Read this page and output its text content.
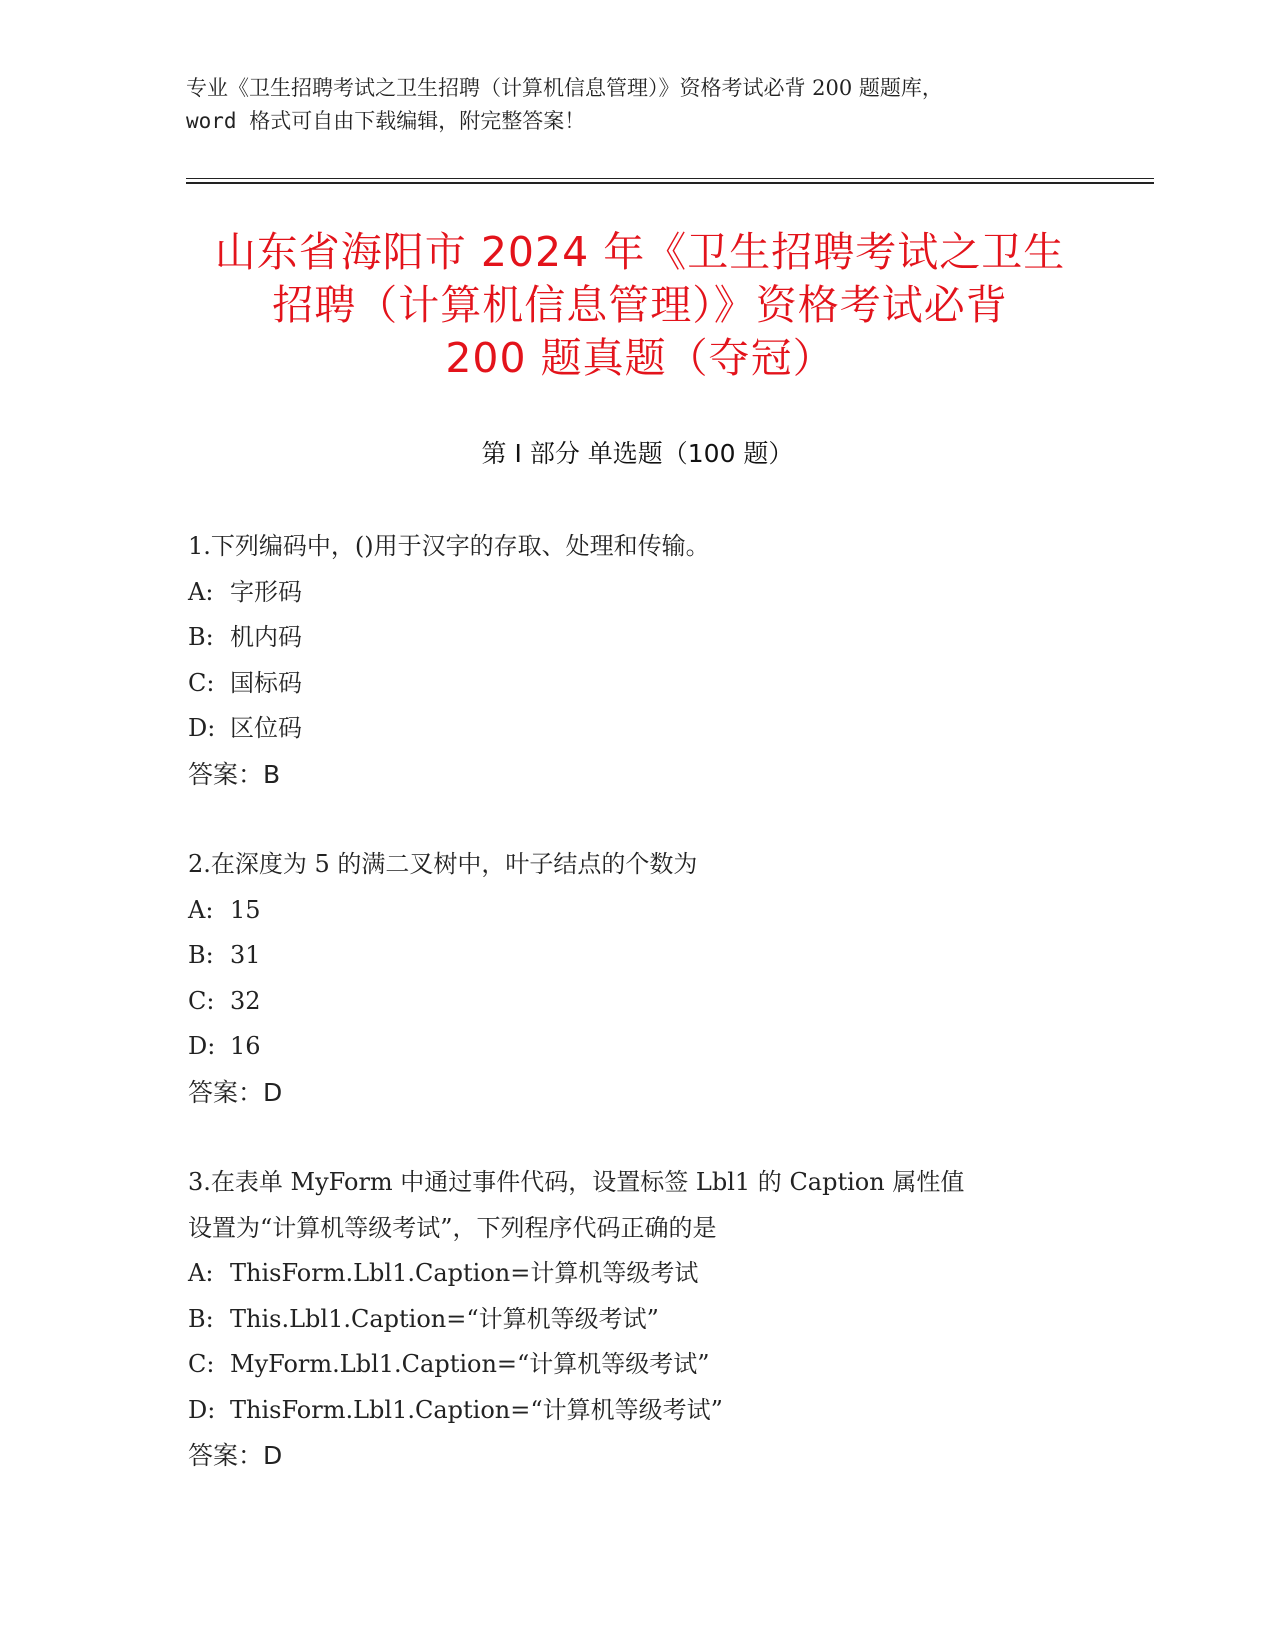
专业《卫生招聘考试之卫生招聘（计算机信息管理）》资格考试必背 200 题题库，
word 格式可自由下载编辑，附完整答案！
山东省海阳市 2024 年《卫生招聘考试之卫生
招聘（计算机信息管理）》资格考试必背
200 题真题（夺冠）
第 I 部分 单选题（100 题）
1.下列编码中，()用于汉字的存取、处理和传输。
A: 字形码
B: 机内码
C: 国标码
D: 区位码
答案：B
2.在深度为 5 的满二叉树中，叶子结点的个数为
A: 15
B: 31
C: 32
D: 16
答案：D
3.在表单 MyForm 中通过事件代码，设置标签 Lbl1 的 Caption 属性值
设置为“计算机等级考试”，下列程序代码正确的是
A: ThisForm.Lbl1.Caption=计算机等级考试
B: This.Lbl1.Caption=“计算机等级考试”
C: MyForm.Lbl1.Caption=“计算机等级考试”
D: ThisForm.Lbl1.Caption=“计算机等级考试”
答案：D
